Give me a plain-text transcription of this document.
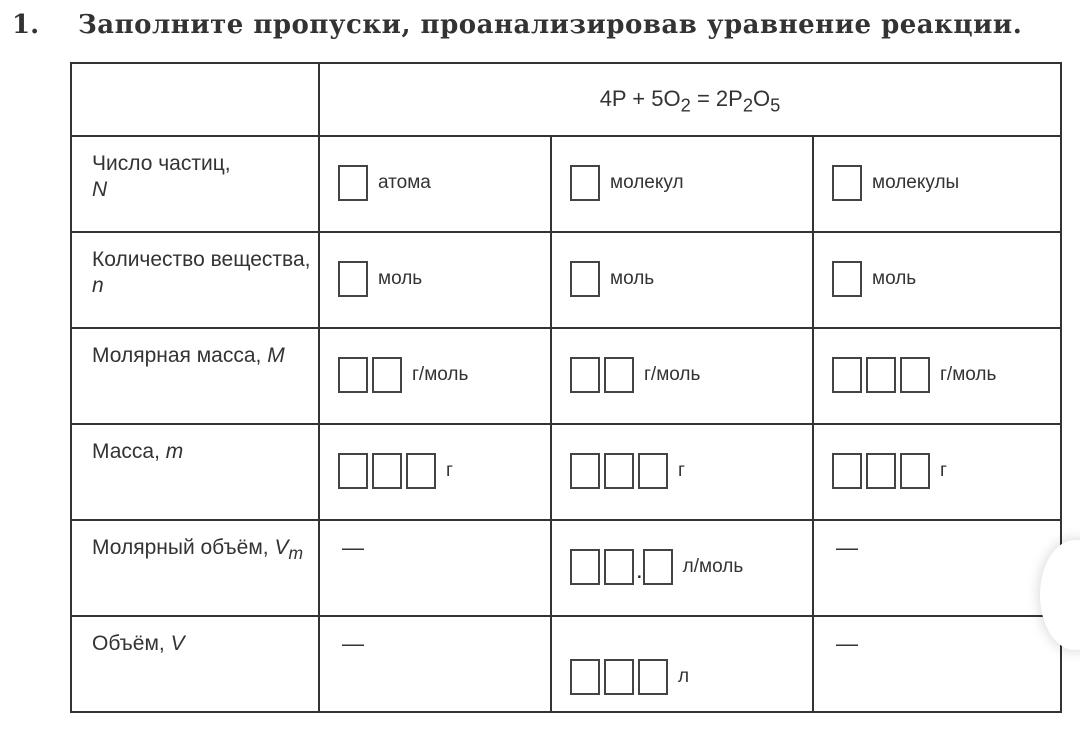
1. Заполните пропуски, проанализировав уравнение реакции.

	$4P + 5O_2 = 2P_2O_5$

Число частиц,
N	атома	молекул	молекулы

Количество вещества, n	моль	моль	моль

Молярная масса, M	г/моль	г/моль	г/моль

Масса, m	г	г	г

Молярный объём, $V_m$	—	. л/моль	—

Объём, V	—	л	—
